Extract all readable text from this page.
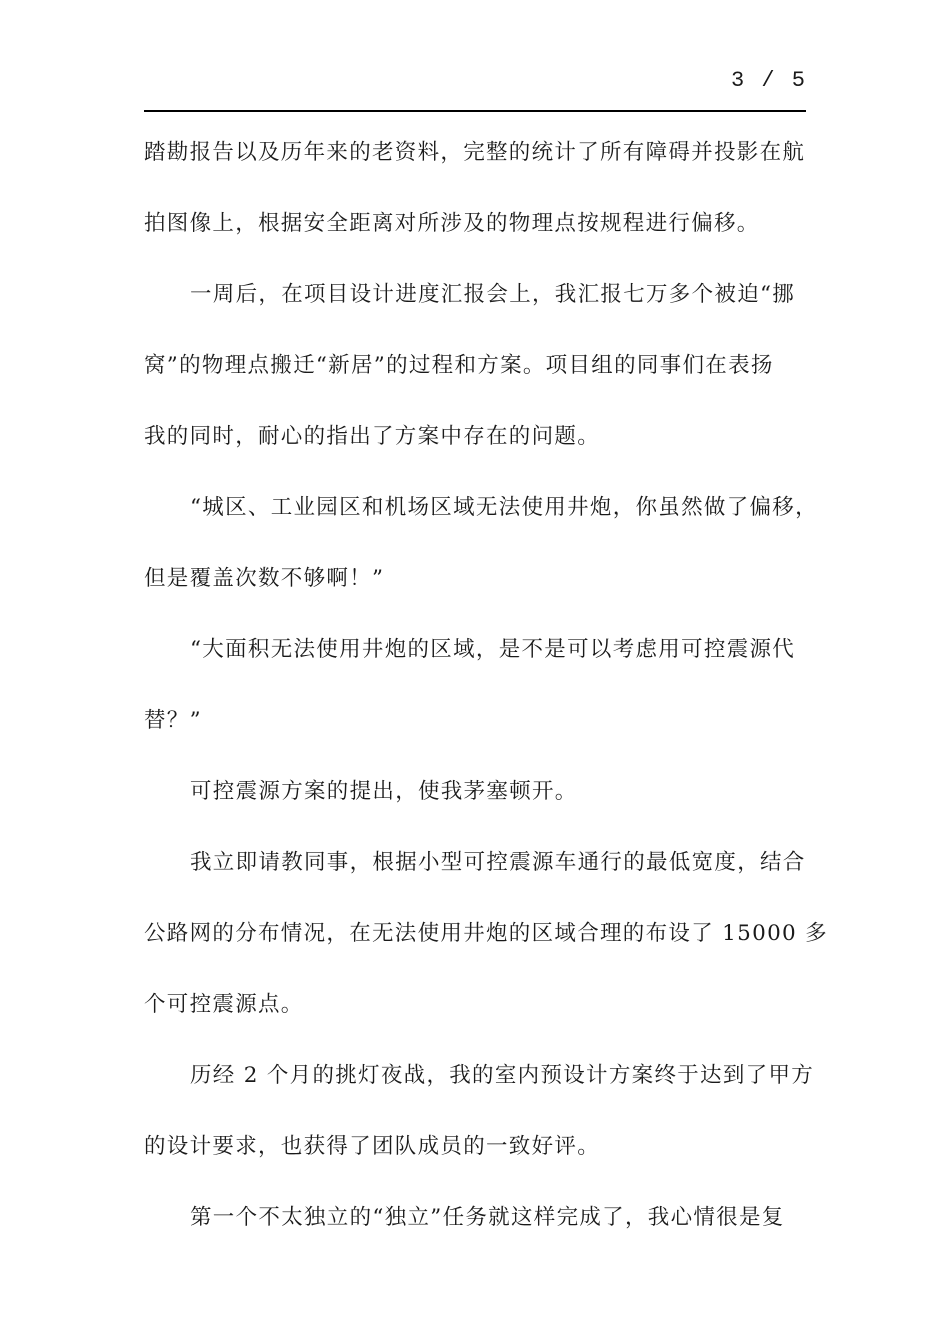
3 / 5
踏勘报告以及历年来的老资料，完整的统计了所有障碍并投影在航
拍图像上，根据安全距离对所涉及的物理点按规程进行偏移。
一周后，在项目设计进度汇报会上，我汇报七万多个被迫“挪
窝”的物理点搬迁“新居”的过程和方案。项目组的同事们在表扬
我的同时，耐心的指出了方案中存在的问题。
“城区、工业园区和机场区域无法使用井炮，你虽然做了偏移，
但是覆盖次数不够啊！”
“大面积无法使用井炮的区域，是不是可以考虑用可控震源代
替？”
可控震源方案的提出，使我茅塞顿开。
我立即请教同事，根据小型可控震源车通行的最低宽度，结合
公路网的分布情况，在无法使用井炮的区域合理的布设了 15000 多
个可控震源点。
历经 2 个月的挑灯夜战，我的室内预设计方案终于达到了甲方
的设计要求，也获得了团队成员的一致好评。
第一个不太独立的“独立”任务就这样完成了，我心情很是复
